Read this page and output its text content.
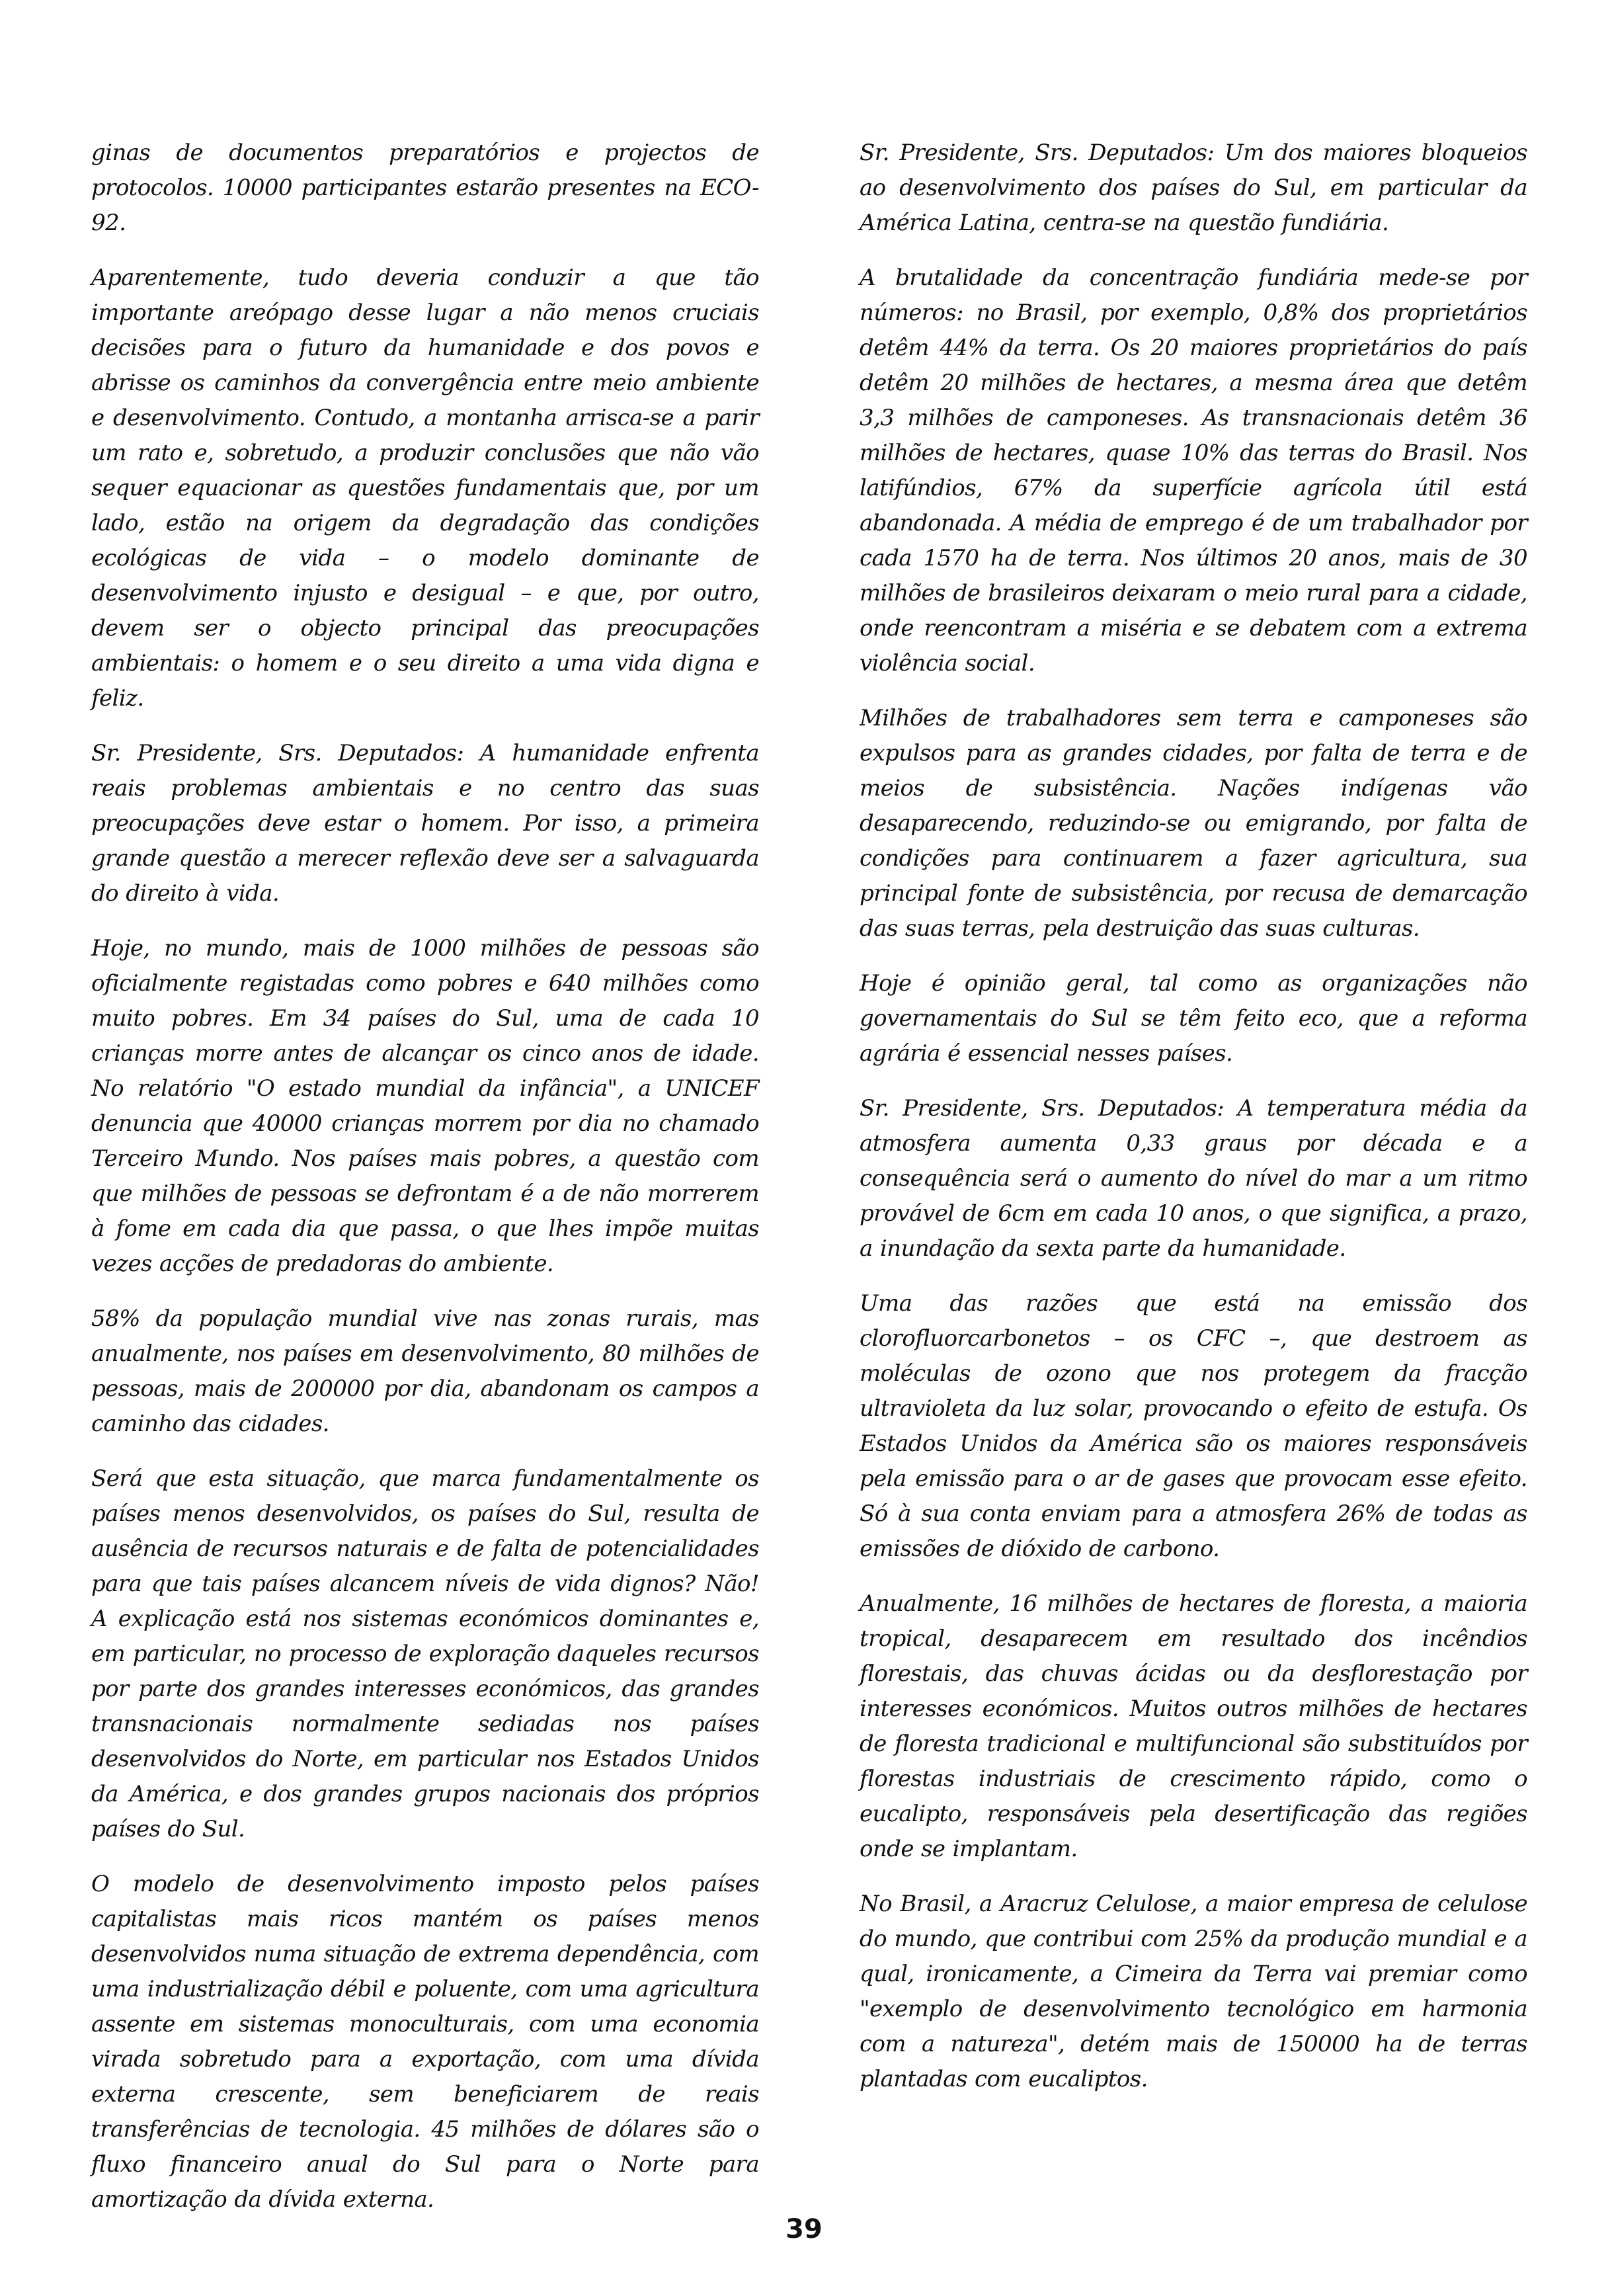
ginas de documentos preparatórios e projectos de protocolos. 10000 participantes estarão presentes na ECO-92.

Aparentemente, tudo deveria conduzir a que tão importante areópago desse lugar a não menos cruciais decisões para o futuro da humanidade e dos povos e abrisse os caminhos da convergência entre meio ambiente e desenvolvimento. Contudo, a montanha arrisca-se a parir um rato e, sobretudo, a produzir conclusões que não vão sequer equacionar as questões fundamentais que, por um lado, estão na origem da degradação das condições ecológicas de vida – o modelo dominante de desenvolvimento injusto e desigual – e que, por outro, devem ser o objecto principal das preocupações ambientais: o homem e o seu direito a uma vida digna e feliz.

Sr. Presidente, Srs. Deputados: A humanidade enfrenta reais problemas ambientais e no centro das suas preocupações deve estar o homem. Por isso, a primeira grande questão a merecer reflexão deve ser a salvaguarda do direito à vida.

Hoje, no mundo, mais de 1000 milhões de pessoas são oficialmente registadas como pobres e 640 milhões como muito pobres. Em 34 países do Sul, uma de cada 10 crianças morre antes de alcançar os cinco anos de idade. No relatório "O estado mundial da infância", a UNICEF denuncia que 40000 crianças morrem por dia no chamado Terceiro Mundo. Nos países mais pobres, a questão com que milhões de pessoas se defrontam é a de não morrerem à fome em cada dia que passa, o que lhes impõe muitas vezes acções de predadoras do ambiente.

58% da população mundial vive nas zonas rurais, mas anualmente, nos países em desenvolvimento, 80 milhões de pessoas, mais de 200000 por dia, abandonam os campos a caminho das cidades.

Será que esta situação, que marca fundamentalmente os países menos desenvolvidos, os países do Sul, resulta de ausência de recursos naturais e de falta de potencialidades para que tais países alcancem níveis de vida dignos? Não! A explicação está nos sistemas económicos dominantes e, em particular, no processo de exploração daqueles recursos por parte dos grandes interesses económicos, das grandes transnacionais normalmente sediadas nos países desenvolvidos do Norte, em particular nos Estados Unidos da América, e dos grandes grupos nacionais dos próprios países do Sul.

O modelo de desenvolvimento imposto pelos países capitalistas mais ricos mantém os países menos desenvolvidos numa situação de extrema dependência, com uma industrialização débil e poluente, com uma agricultura assente em sistemas monoculturais, com uma economia virada sobretudo para a exportação, com uma dívida externa crescente, sem beneficiarem de reais transferências de tecnologia. 45 milhões de dólares são o fluxo financeiro anual do Sul para o Norte para amortização da dívida externa.

Sr. Presidente, Srs. Deputados: Um dos maiores bloqueios ao desenvolvimento dos países do Sul, em particular da América Latina, centra-se na questão fundiária.

A brutalidade da concentração fundiária mede-se por números: no Brasil, por exemplo, 0,8% dos proprietários detêm 44% da terra. Os 20 maiores proprietários do país detêm 20 milhões de hectares, a mesma área que detêm 3,3 milhões de camponeses. As transnacionais detêm 36 milhões de hectares, quase 10% das terras do Brasil. Nos latifúndios, 67% da superfície agrícola útil está abandonada. A média de emprego é de um trabalhador por cada 1570 ha de terra. Nos últimos 20 anos, mais de 30 milhões de brasileiros deixaram o meio rural para a cidade, onde reencontram a miséria e se debatem com a extrema violência social.

Milhões de trabalhadores sem terra e camponeses são expulsos para as grandes cidades, por falta de terra e de meios de subsistência. Nações indígenas vão desaparecendo, reduzindo-se ou emigrando, por falta de condições para continuarem a fazer agricultura, sua principal fonte de subsistência, por recusa de demarcação das suas terras, pela destruição das suas culturas.

Hoje é opinião geral, tal como as organizações não governamentais do Sul se têm feito eco, que a reforma agrária é essencial nesses países.

Sr. Presidente, Srs. Deputados: A temperatura média da atmosfera aumenta 0,33 graus por década e a consequência será o aumento do nível do mar a um ritmo provável de 6cm em cada 10 anos, o que significa, a prazo, a inundação da sexta parte da humanidade.

Uma das razões que está na emissão dos clorofluorcarbonetos – os CFC –, que destroem as moléculas de ozono que nos protegem da fracção ultravioleta da luz solar, provocando o efeito de estufa. Os Estados Unidos da América são os maiores responsáveis pela emissão para o ar de gases que provocam esse efeito. Só à sua conta enviam para a atmosfera 26% de todas as emissões de dióxido de carbono.

Anualmente, 16 milhões de hectares de floresta, a maioria tropical, desaparecem em resultado dos incêndios florestais, das chuvas ácidas ou da desflorestação por interesses económicos. Muitos outros milhões de hectares de floresta tradicional e multifuncional são substituídos por florestas industriais de crescimento rápido, como o eucalipto, responsáveis pela desertificação das regiões onde se implantam.

No Brasil, a Aracruz Celulose, a maior empresa de celulose do mundo, que contribui com 25% da produção mundial e a qual, ironicamente, a Cimeira da Terra vai premiar como "exemplo de desenvolvimento tecnológico em harmonia com a natureza", detém mais de 150000 ha de terras plantadas com eucaliptos.

39
